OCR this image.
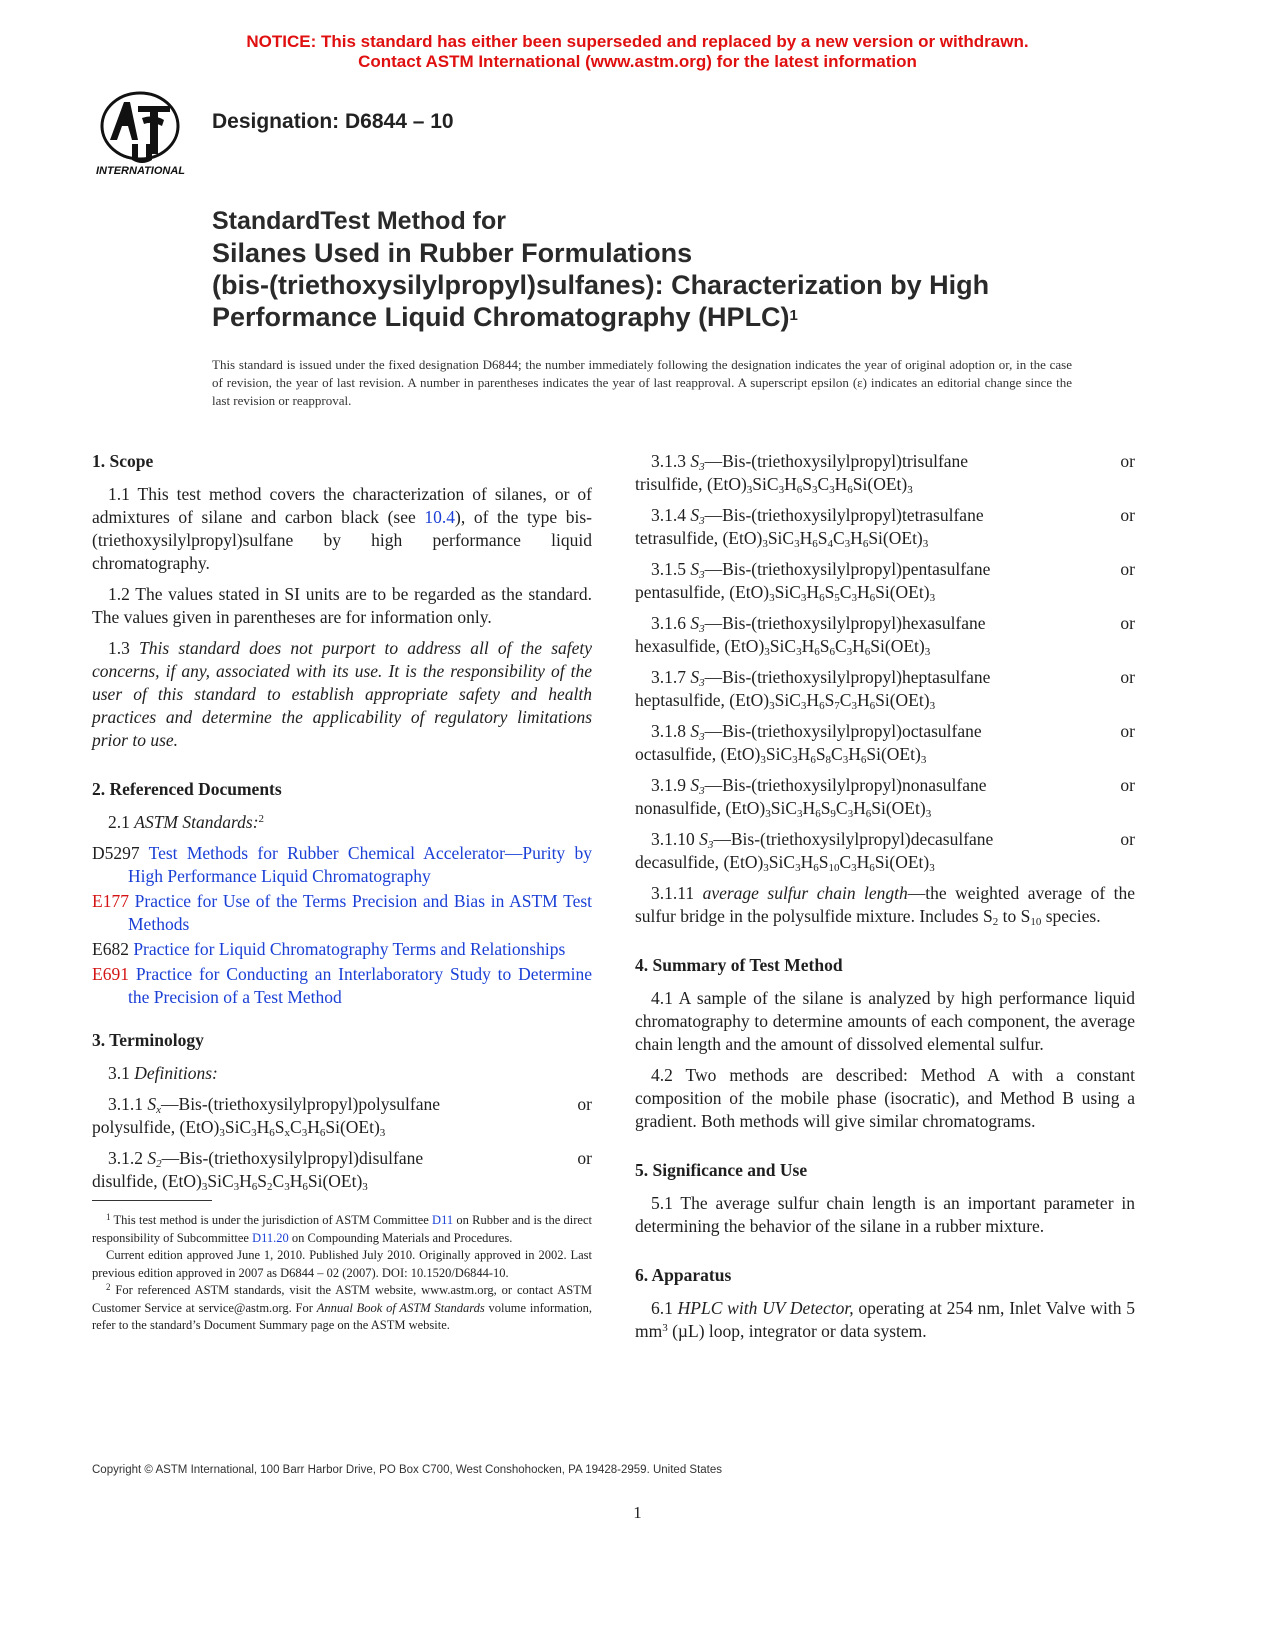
NOTICE: This standard has either been superseded and replaced by a new version or withdrawn.
Contact ASTM International (www.astm.org) for the latest information
INTERNATIONAL
Designation: D6844 – 10
StandardTest Method for
Silanes Used in Rubber Formulations
(bis-(triethoxysilylpropyl)sulfanes): Characterization by High
Performance Liquid Chromatography (HPLC)$^1$
This standard is issued under the fixed designation D6844; the number immediately following the designation indicates the year of original adoption or, in the case of revision, the year of last revision. A number in parentheses indicates the year of last reapproval. A superscript epsilon (ε) indicates an editorial change since the last revision or reapproval.
1. Scope
1.1 This test method covers the characterization of silanes, or of admixtures of silane and carbon black (see 10.4), of the type bis-(triethoxysilylpropyl)sulfane by high performance liquid chromatography.
1.2 The values stated in SI units are to be regarded as the standard. The values given in parentheses are for information only.
1.3 This standard does not purport to address all of the safety concerns, if any, associated with its use. It is the responsibility of the user of this standard to establish appropriate safety and health practices and determine the applicability of regulatory limitations prior to use.
2. Referenced Documents
2.1 ASTM Standards:$^2$
D5297 Test Methods for Rubber Chemical Accelerator—Purity by High Performance Liquid Chromatography
E177 Practice for Use of the Terms Precision and Bias in ASTM Test Methods
E682 Practice for Liquid Chromatography Terms and Relationships
E691 Practice for Conducting an Interlaboratory Study to Determine the Precision of a Test Method
3. Terminology
3.1 Definitions:
3.1.1 $S_x—Bis-(triethoxysilylpropyl)polysulfane$	or
polysulfide, $(EtO)_3SiC_3H_6S_xC_3H_6Si(OEt)_3$
3.1.2 $S_2—Bis-(triethoxysilylpropyl)disulfane$	or
disulfide, $(EtO)_3SiC_3H_6S_2C_3H_6Si(OEt)_3$
3.1.3 $S_3—Bis-(triethoxysilylpropyl)trisulfane$	or
trisulfide, $(EtO)_3SiC_3H_6S_3C_3H_6Si(OEt)_3$
3.1.4 $S_3—Bis-(triethoxysilylpropyl)tetrasulfane$	or
tetrasulfide, $(EtO)_3SiC_3H_6S_4C_3H_6Si(OEt)_3$
3.1.5 $S_3—Bis-(triethoxysilylpropyl)pentasulfane$	or
pentasulfide, $(EtO)_3SiC_3H_6S_5C_3H_6Si(OEt)_3$
3.1.6 $S_3—Bis-(triethoxysilylpropyl)hexasulfane$	or
hexasulfide, $(EtO)_3SiC_3H_6S_6C_3H_6Si(OEt)_3$
3.1.7 $S_3—Bis-(triethoxysilylpropyl)heptasulfane$	or
heptasulfide, $(EtO)_3SiC_3H_6S_7C_3H_6Si(OEt)_3$
3.1.8 $S_3—Bis-(triethoxysilylpropyl)octasulfane$	or
octasulfide, $(EtO)_3SiC_3H_6S_8C_3H_6Si(OEt)_3$
3.1.9 $S_3—Bis-(triethoxysilylpropyl)nonasulfane$	or
nonasulfide, $(EtO)_3SiC_3H_6S_9C_3H_6Si(OEt)_3$
3.1.10 $S_3—Bis-(triethoxysilylpropyl)decasulfane$	or
decasulfide, $(EtO)_3SiC_3H_6S_{10}C_3H_6Si(OEt)_3$
3.1.11 average sulfur chain length—the weighted average of the sulfur bridge in the polysulfide mixture. Includes $S_2$ to $S_{10}$ species.
4. Summary of Test Method
4.1 A sample of the silane is analyzed by high performance liquid chromatography to determine amounts of each component, the average chain length and the amount of dissolved elemental sulfur.
4.2 Two methods are described: Method A with a constant composition of the mobile phase (isocratic), and Method B using a gradient. Both methods will give similar chromatograms.
5. Significance and Use
5.1 The average sulfur chain length is an important parameter in determining the behavior of the silane in a rubber mixture.
6. Apparatus
6.1 HPLC with UV Detector, operating at 254 nm, Inlet Valve with 5 $mm^3$ (µL) loop, integrator or data system.

$^1$ This test method is under the jurisdiction of ASTM Committee D11 on Rubber and is the direct responsibility of Subcommittee D11.20 on Compounding Materials and Procedures.

Current edition approved June 1, 2010. Published July 2010. Originally approved in 2002. Last previous edition approved in 2007 as D6844 – 02 (2007). DOI: 10.1520/D6844-10.

$^2$ For referenced ASTM standards, visit the ASTM website, www.astm.org, or contact ASTM Customer Service at service@astm.org. For Annual Book of ASTM Standards volume information, refer to the standard’s Document Summary page on the ASTM website.

Copyright © ASTM International, 100 Barr Harbor Drive, PO Box C700, West Conshohocken, PA 19428-2959. United States
1
